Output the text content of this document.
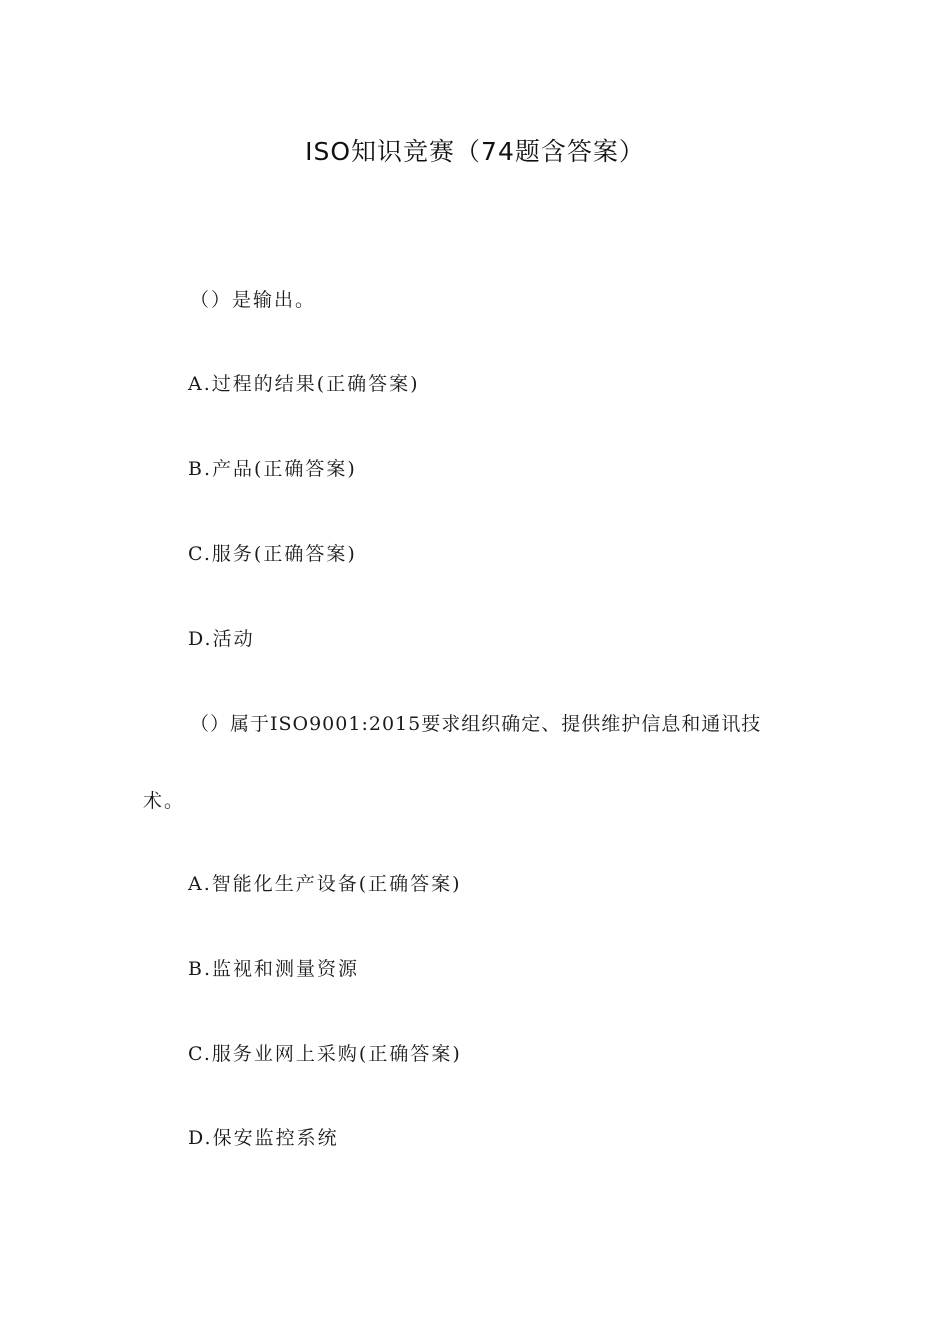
ISO知识竞赛（74题含答案）
（）是输出。
A.过程的结果(正确答案)
B.产品(正确答案)
C.服务(正确答案)
D.活动
（）属于ISO9001:2015要求组织确定、提供维护信息和通讯技
术。
A.智能化生产设备(正确答案)
B.监视和测量资源
C.服务业网上采购(正确答案)
D.保安监控系统
